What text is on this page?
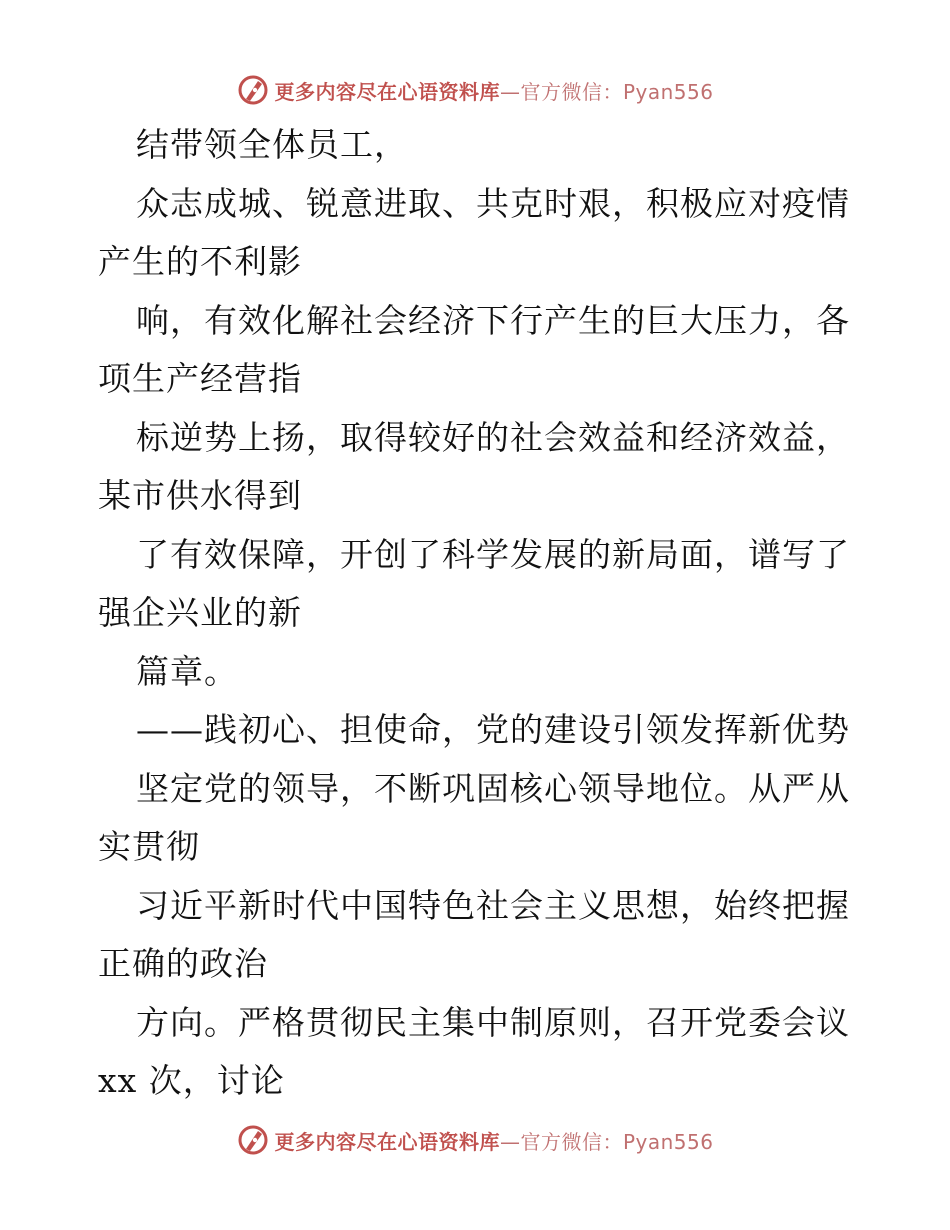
更多内容尽在心语资料库—官方微信：Pyan556
结带领全体员工，
众志成城、锐意进取、共克时艰，积极应对疫情
产生的不利影
响，有效化解社会经济下行产生的巨大压力，各
项生产经营指
标逆势上扬，取得较好的社会效益和经济效益，
某市供水得到
了有效保障，开创了科学发展的新局面，谱写了
强企兴业的新
篇章。
——践初心、担使命，党的建设引领发挥新优势
坚定党的领导，不断巩固核心领导地位。从严从
实贯彻
习近平新时代中国特色社会主义思想，始终把握
正确的政治
方向。严格贯彻民主集中制原则，召开党委会议
xx 次，讨论
更多内容尽在心语资料库—官方微信：Pyan556
